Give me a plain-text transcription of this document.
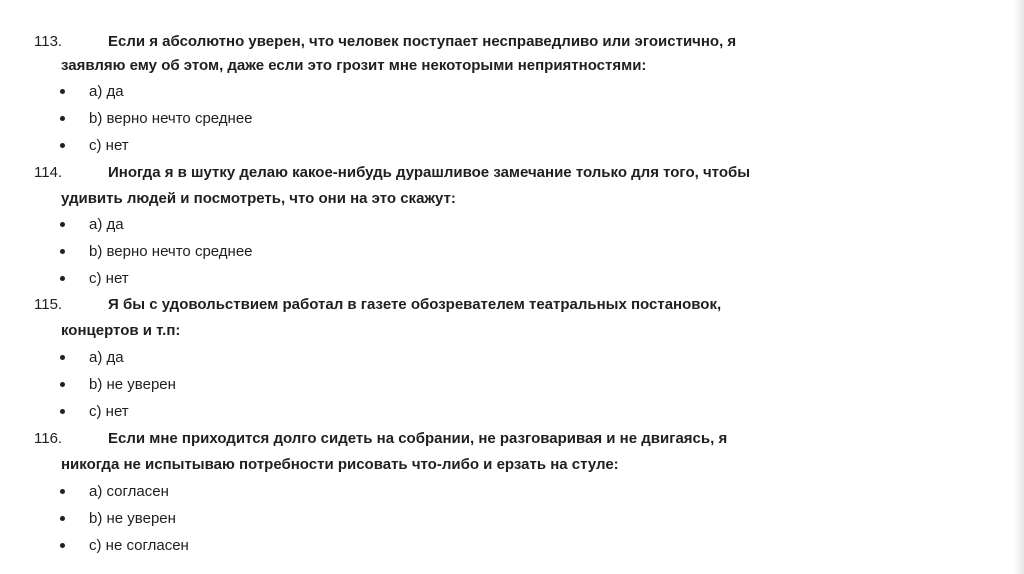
113.	Если я абсолютно уверен, что человек поступает несправедливо или эгоистично, я
заявляю ему об этом, даже если это грозит мне некоторыми неприятностями:
a) да
b) верно нечто среднее
c) нет
114.	Иногда я в шутку делаю какое-нибудь дурашливое замечание только для того, чтобы
удивить людей и посмотреть, что они на это скажут:
a) да
b) верно нечто среднее
c) нет
115.	Я бы с удовольствием работал в газете обозревателем театральных постановок,
концертов и т.п:
a) да
b) не уверен
c) нет
116.	Если мне приходится долго сидеть на собрании, не разговаривая и не двигаясь, я
никогда не испытываю потребности рисовать что-либо и ерзать на стуле:
a) согласен
b) не уверен
c) не согласен
